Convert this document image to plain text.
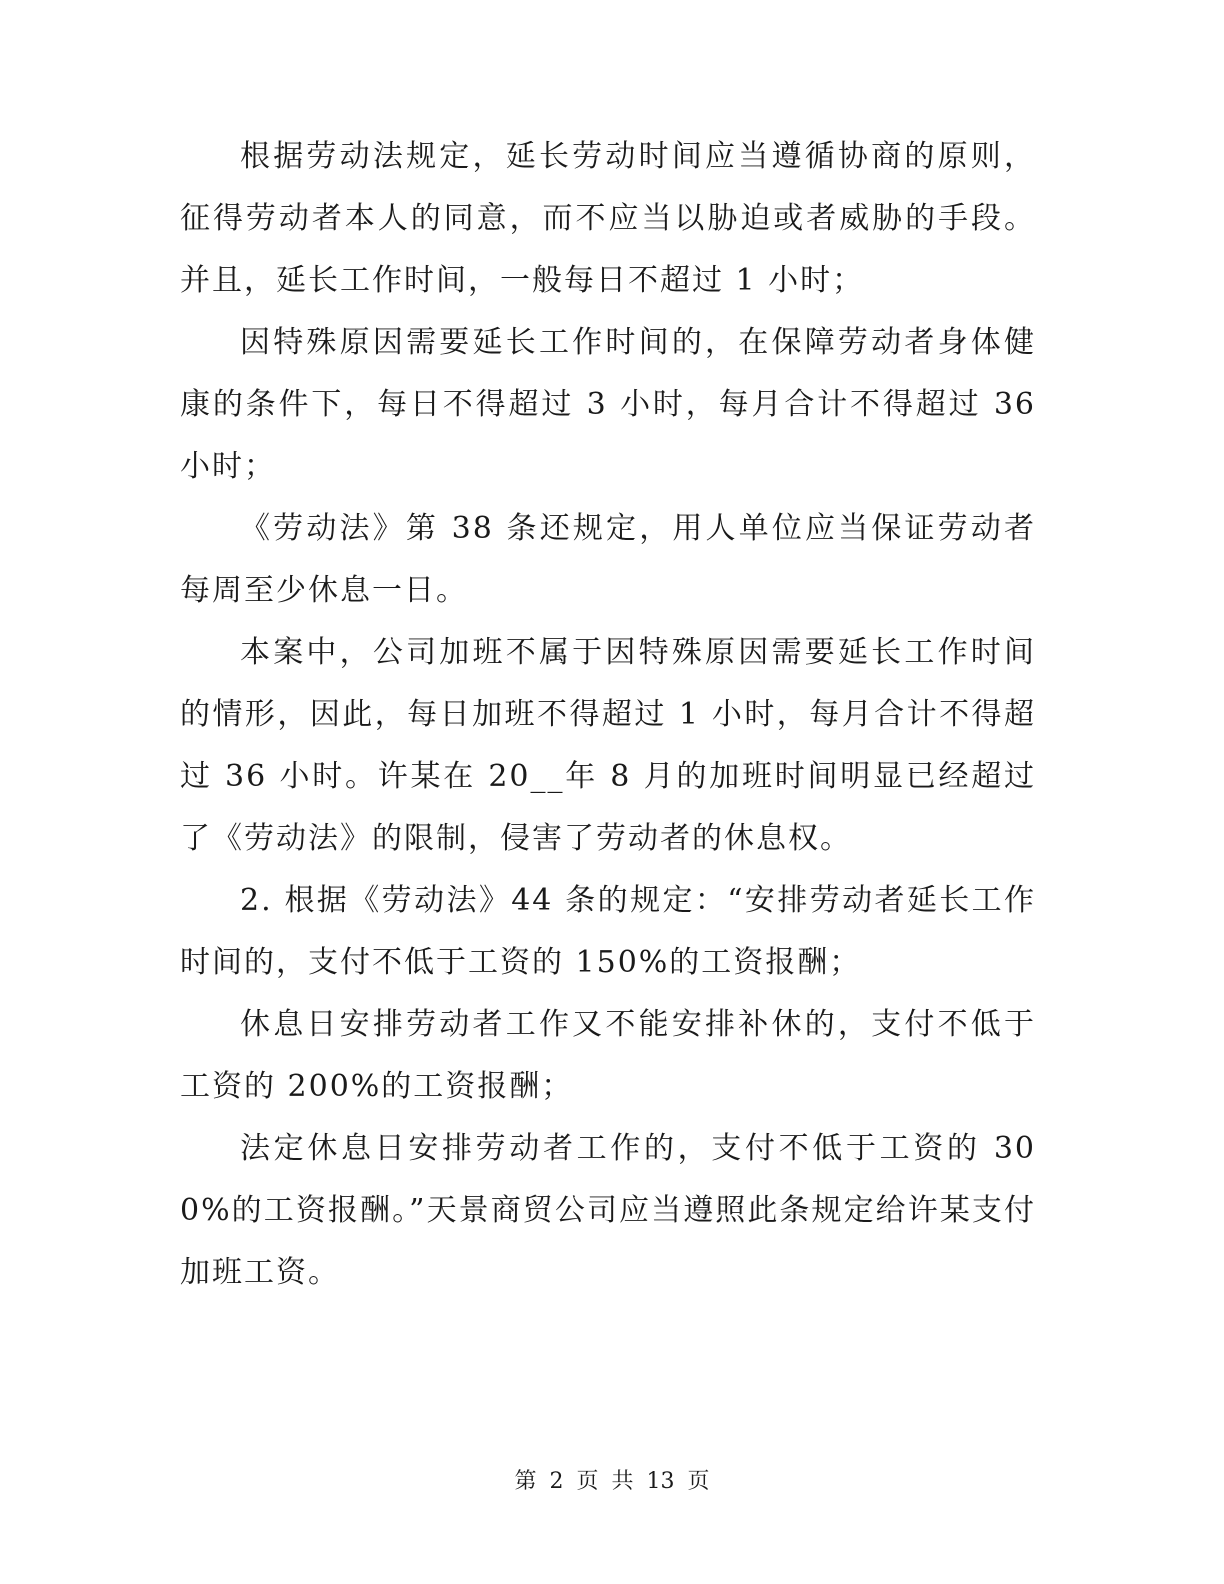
根据劳动法规定，延长劳动时间应当遵循协商的原则，征得劳动者本人的同意，而不应当以胁迫或者威胁的手段。并且，延长工作时间，一般每日不超过 1 小时；

因特殊原因需要延长工作时间的，在保障劳动者身体健康的条件下，每日不得超过 3 小时，每月合计不得超过 36 小时；

《劳动法》第 38 条还规定，用人单位应当保证劳动者每周至少休息一日。

本案中，公司加班不属于因特殊原因需要延长工作时间的情形，因此，每日加班不得超过 1 小时，每月合计不得超过 36 小时。许某在 20__年 8 月的加班时间明显已经超过了《劳动法》的限制，侵害了劳动者的休息权。

2. 根据《劳动法》44 条的规定：“安排劳动者延长工作时间的，支付不低于工资的 150%的工资报酬；

休息日安排劳动者工作又不能安排补休的，支付不低于工资的 200%的工资报酬；

法定休息日安排劳动者工作的，支付不低于工资的 300%的工资报酬。”天景商贸公司应当遵照此条规定给许某支付加班工资。

第 2 页 共 13 页
